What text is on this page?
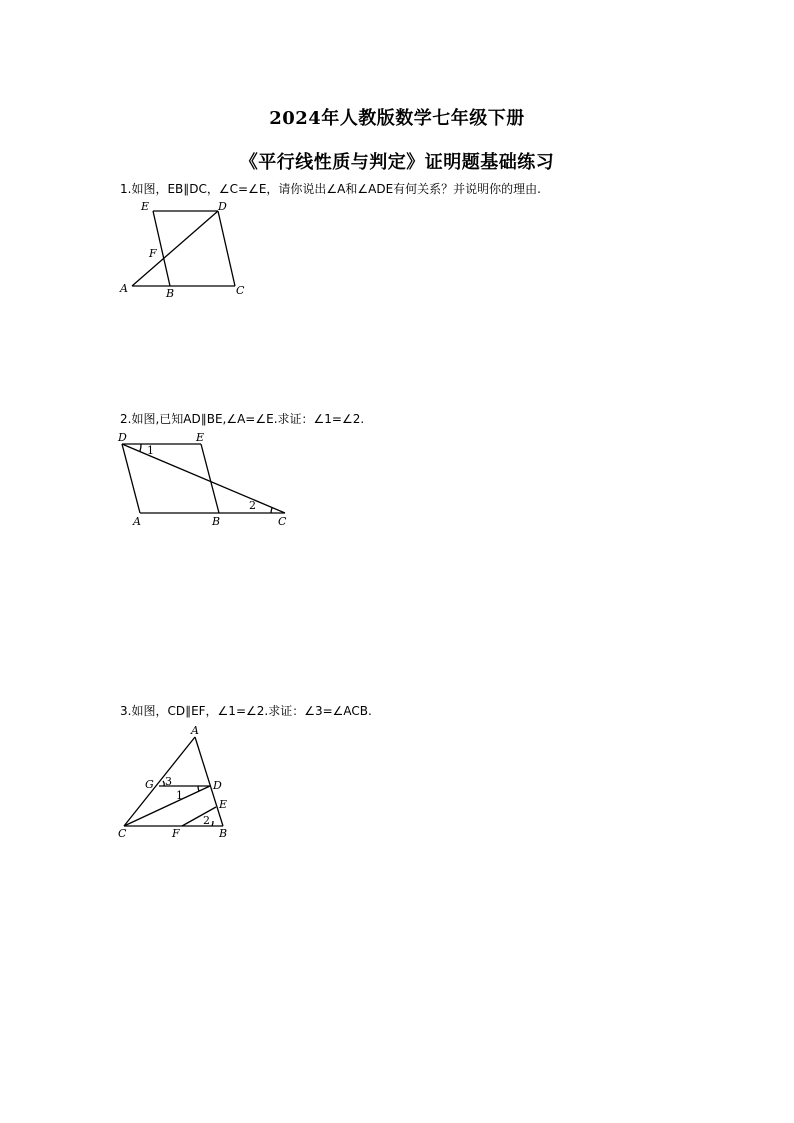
2024年人教版数学七年级下册
《平行线性质与判定》证明题基础练习
1.如图，EB∥DC，∠C=∠E，请你说出∠A和∠ADE有何关系？并说明你的理由.
E	D
F
A	B	C
2.如图,已知AD∥BE,∠A=∠E.求证：∠1=∠2.
D	E
A	B	C
1
2
3.如图，CD∥EF，∠1=∠2.求证：∠3=∠ACB.
A
G	D
E
C	F	B
3
1
2
